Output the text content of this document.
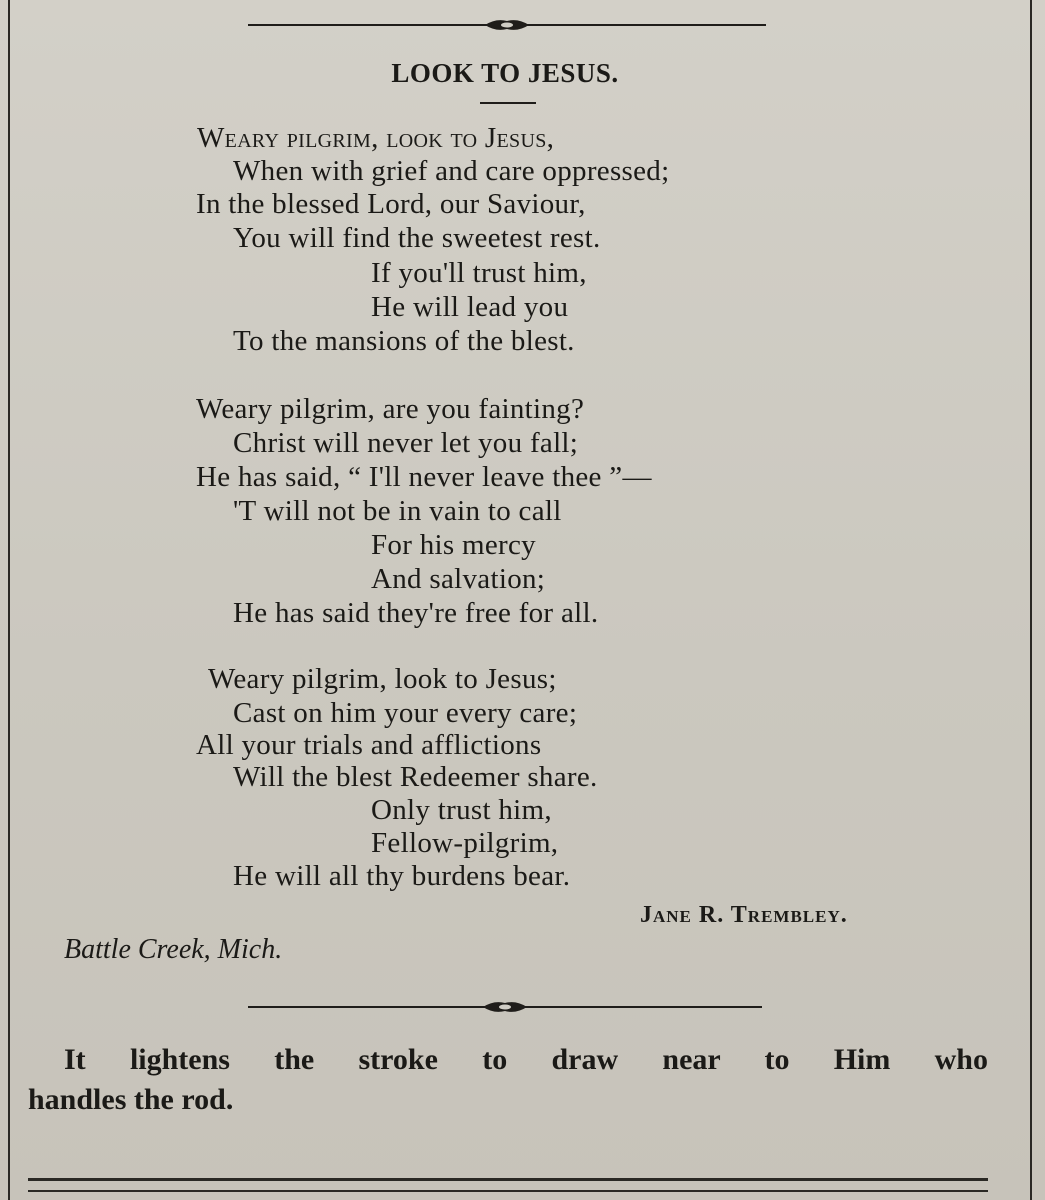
LOOK TO JESUS.
Weary pilgrim, look to Jesus,
When with grief and care oppressed;
In the blessed Lord, our Saviour,
You will find the sweetest rest.
If you'll trust him,
He will lead you
To the mansions of the blest.
Weary pilgrim, are you fainting?
Christ will never let you fall;
He has said, “ I'll never leave thee ”—
'T will not be in vain to call
For his mercy
And salvation;
He has said they're free for all.
Weary pilgrim, look to Jesus;
Cast on him your every care;
All your trials and afflictions
Will the blest Redeemer share.
Only trust him,
Fellow-pilgrim,
He will all thy burdens bear.
Jane R. Trembley.
Battle Creek, Mich.
It lightens the stroke to draw near to Him who
handles the rod.
